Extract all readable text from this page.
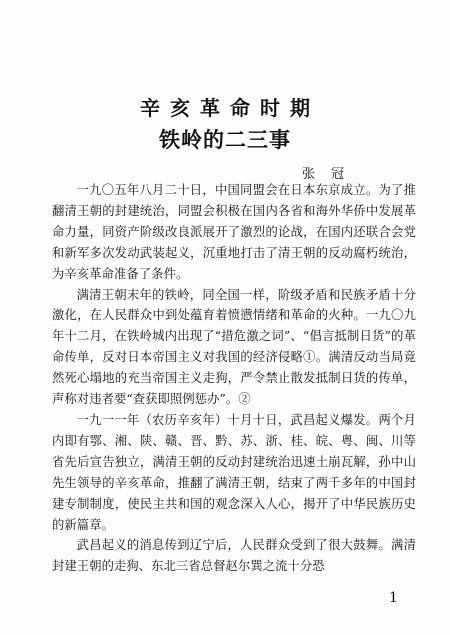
辛亥革命时期
铁岭的二三事
张冠

一九〇五年八月二十日，中国同盟会在日本东京成立。为了推翻清王朝的封建统治，同盟会积极在国内各省和海外华侨中发展革命力量，同资产阶级改良派展开了激烈的论战，在国内还联合会党和新军多次发动武装起义，沉重地打击了清王朝的反动腐朽统治，为辛亥革命准备了条件。

满清王朝末年的铁岭，同全国一样，阶级矛盾和民族矛盾十分激化，在人民群众中到处蕴育着愤懑情绪和革命的火种。一九〇九年十二月，在铁岭城内出现了“措危激之词”、“倡言抵制日货”的革命传单，反对日本帝国主义对我国的经济侵略①。满清反动当局竟然死心塌地的充当帝国主义走狗，严令禁止散发抵制日货的传单，声称对违者要“查获即照例惩办”。②

一九一一年（农历辛亥年）十月十日，武昌起义爆发。两个月内即有鄂、湘、陕、赣、晋、黔、苏、浙、桂、皖、粤、闽、川等省先后宣告独立，满清王朝的反动封建统治迅速土崩瓦解，孙中山先生领导的辛亥革命，推翻了满清王朝，结束了两千多年的中国封建专制制度，使民主共和国的观念深入人心，揭开了中华民族历史的新篇章。

武昌起义的消息传到辽宁后，人民群众受到了很大鼓舞。满清封建王朝的走狗、东北三省总督赵尔巽之流十分恐

1
